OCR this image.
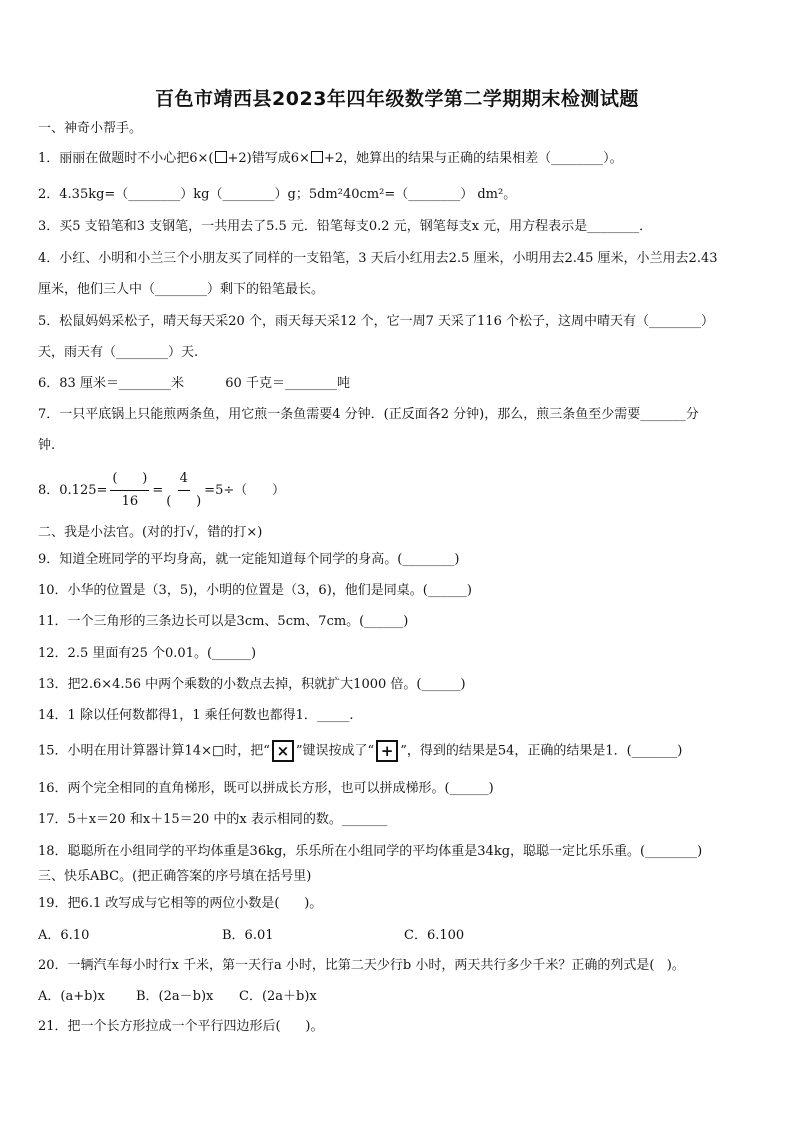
百色市靖西县2023年四年级数学第二学期期末检测试题
一、神奇小帮手。
1．丽丽在做题时不小心把6×( +2)错写成6× +2，她算出的结果与正确的结果相差（________）。
2．4.35kg=（________）kg（________）g；5dm²40cm²=（________） dm²。
3．买5 支铅笔和3 支钢笔，一共用去了5.5 元．铅笔每支0.2 元，钢笔每支x 元，用方程表示是________．
4．小红、小明和小兰三个小朋友买了同样的一支铅笔，3 天后小红用去2.5 厘米，小明用去2.45 厘米，小兰用去2.43
厘米，他们三人中（________）剩下的铅笔最长。
5．松鼠妈妈采松子，晴天每天采20 个，雨天每天采12 个，它一周7 天采了116 个松子，这周中晴天有（________）
天，雨天有（________）天.
6．83 厘米＝________米          60 千克＝________吨
7．一只平底锅上只能煎两条鱼，用它煎一条鱼需要4 分钟．(正反面各2 分钟)，那么，煎三条鱼至少需要_______分
钟.
8．$0.125= \frac{( )}{16} = \frac{4}{( )} =5\div$（      ）
二、我是小法官。(对的打√，错的打×)
9．知道全班同学的平均身高，就一定能知道每个同学的身高。(________)
10．小华的位置是（3，5)，小明的位置是（3，6)，他们是同桌。(______)
11．一个三角形的三条边长可以是3cm、5cm、7cm。(______)
12．2.5 里面有25 个0.01。(______)
13．把2.6×4.56 中两个乘数的小数点去掉，积就扩大1000 倍。(______)
14．1 除以任何数都得1，1 乘任何数也都得1．_____.
15．小明在用计算器计算14×□时，把“ × ”键误按成了“ + ”，得到的结果是54，正确的结果是1．(_______)
16．两个完全相同的直角梯形，既可以拼成长方形，也可以拼成梯形。(______)
17．5＋x＝20 和x＋15＝20 中的x 表示相同的数。_______
18．聪聪所在小组同学的平均体重是36kg，乐乐所在小组同学的平均体重是34kg，聪聪一定比乐乐重。(________)
三、快乐ABC。(把正确答案的序号填在括号里)
19．把6.1 改写成与它相等的两位小数是(      )。
A．6.10	B．6.01	C．6.100
20．一辆汽车每小时行x 千米，第一天行a 小时，比第二天少行b 小时，两天共行多少千米？正确的列式是(   )。
A．(a+b)x B．(2a－b)x C．(2a＋b)x
21．把一个长方形拉成一个平行四边形后(      )。
